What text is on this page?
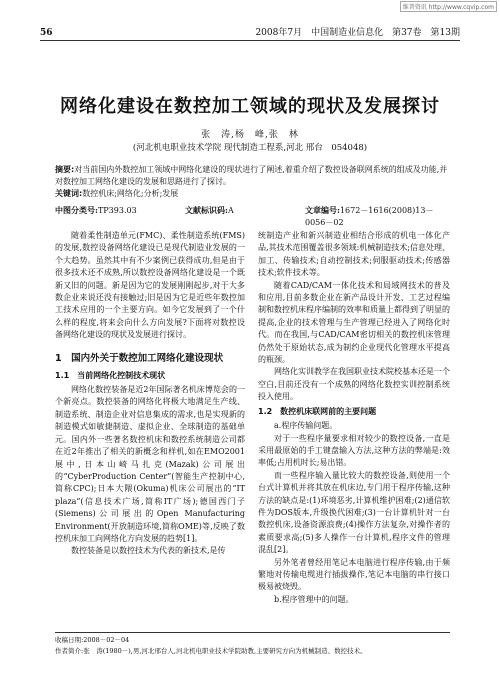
维普资讯 http://www.cqvip.com
56	2008年7月　中国制造业信息化　第37卷　第13期
网络化建设在数控加工领域的现状及发展探讨
张　涛,杨　峰,张　林
(河北机电职业技术学院 现代制造工程系,河北 邢台　054048)
摘要:对当前国内外数控加工领域中网络化建设的现状进行了阐述,着重介绍了数控设备联网系统的组成及功能,并对数控加工网络化建设的发展和思路进行了探讨。
关键词:数控机床;网络化;分析;发展
中图分类号:TP393.03	文献标识码:A	文章编号:1672－1616(2008)13－0056－02

随着柔性制造单元(FMC)、柔性制造系统(FMS)的发展,数控设备网络化建设已是现代制造业发展的一个大趋势。虽然其中有不少案例已获得成功,但是由于很多技术还不成熟,所以数控设备网络化建设是一个既新又旧的问题。新是因为它的发展刚刚起步,对于大多数企业来说还没有接触过;旧是因为它是近些年数控加工技术应用的一个主要方向。如今它发展到了一个什么样的程度,将来会向什么方向发展?下面将对数控设备网络化建设的现状及发展进行探讨。

1　国内外关于数控加工网络化建设现状
1.1　当前网络化控制技术现状

网络化数控装备是近2年国际著名机床博览会的一个新亮点。数控装备的网络化将极大地满足生产线、制造系统、制造企业对信息集成的需求,也是实现新的制造模式如敏捷制造、虚拟企业、全球制造的基础单元。国内外一些著名数控机床和数控系统制造公司都在近2年推出了相关的新概念和样机,如在EMO2001展中,日本山崎马扎克(Mazak)公司展出的“CyberProduction Center”(智能生产控制中心,简称CPC);日本大隈(Okuma)机床公司展出的“IT plaza”(信息技术广场,简称IT广场);德国西门子(Siemens)公司展出的Open Manufacturing Environment(开放制造环境,简称OME)等,反映了数控机床加工向网络化方向发展的趋势[1]。

数控装备是以数控技术为代表的新技术,是传

统制造产业和新兴制造业相结合形成的机电一体化产品,其技术范围覆盖很多领域:机械制造技术;信息处理、加工、传输技术;自动控制技术;伺服驱动技术;传感器技术;软件技术等。

随着CAD/CAM一体化技术和局域网技术的普及和应用,目前多数企业在新产品设计开发、工艺过程编制和数控机床程序编制的效率和质量上都得到了明显的提高,企业的技术管理与生产管理已经进入了网络化时代。而在我国,与CAD/CAM密切相关的数控机床管理仍然处于原始状态,成为制约企业现代化管理水平提高的瓶颈。

网络化实训教学在我国职业技术院校基本还是一个空白,目前还没有一个成熟的网络化数控实训控制系统投入使用。

1.2　数控机床联网前的主要问题

a.程序传输问题。

对于一些程序量要求相对较少的数控设备,一直是采用最原始的手工键盘输入方法,这种方法的弊端是:效率低;占用机时长;易出错。

而一些程序输入量比较大的数控设备,则使用一个台式计算机并将其放在机床边,专门用于程序传输,这种方法的缺点是:(1)环境恶劣,计算机维护困难;(2)通信软件为DOS版本,升级换代困难;(3)一台计算机针对一台数控机床,设备资源浪费;(4)操作方法复杂,对操作者的素质要求高;(5)多人操作一台计算机,程序文件的管理混乱[2]。

另外笔者曾经用笔记本电脑进行程序传输,由于频繁地对传输电缆进行插拔操作,笔记本电脑的串行接口极易被烧毁。

b.程序管理中的问题。

收稿日期:2008－02－04
作者简介:张　涛(1980－),男,河北邢台人,河北机电职业技术学院助教,主要研究方向为机械制造、数控技术。
